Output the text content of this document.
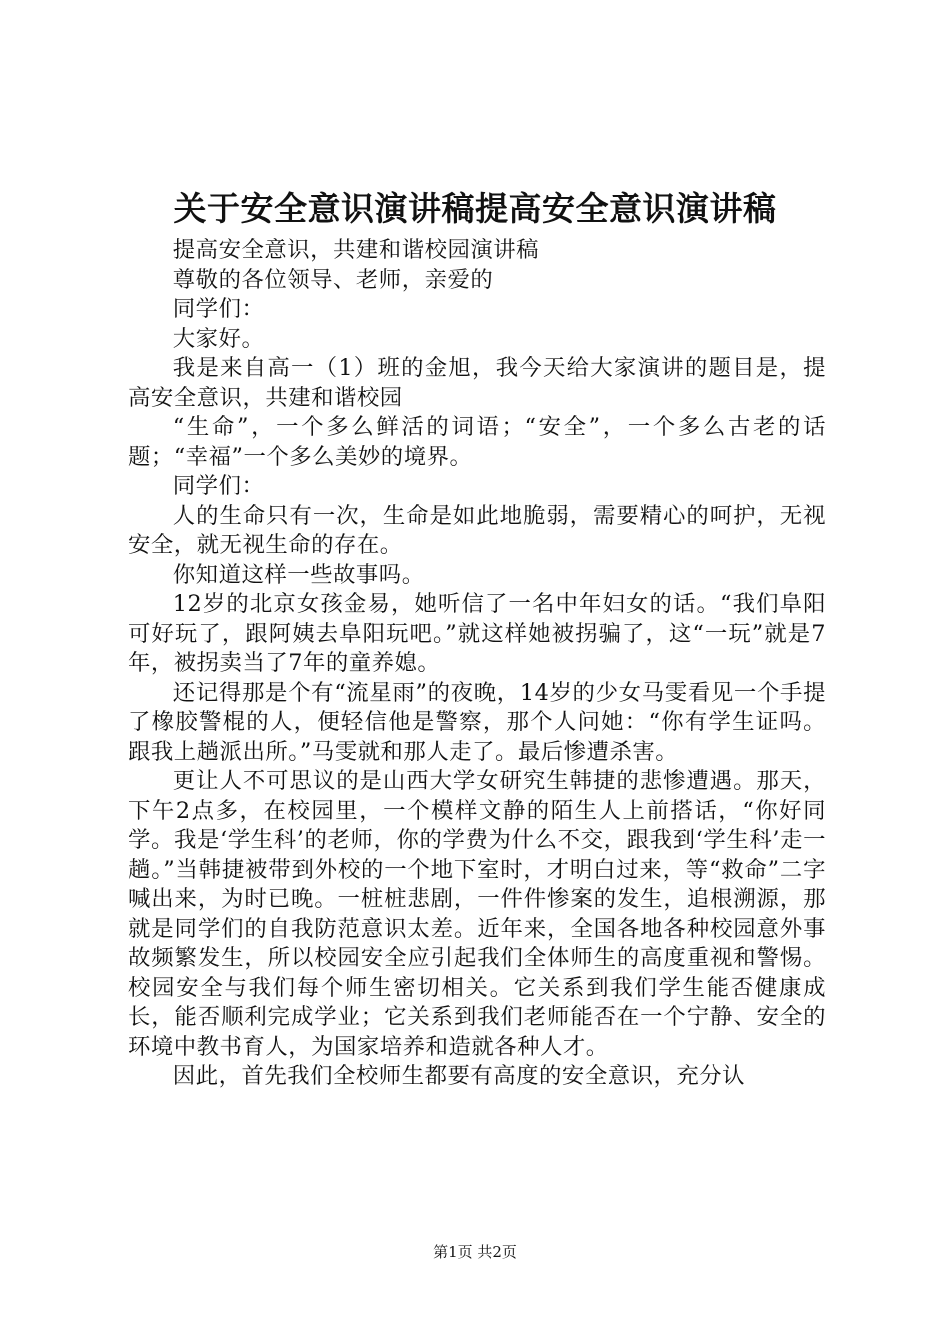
关于安全意识演讲稿提高安全意识演讲稿

提高安全意识，共建和谐校园演讲稿

尊敬的各位领导、老师，亲爱的

同学们：

大家好。

我是来自高一（1）班的金旭，我今天给大家演讲的题目是，提高安全意识，共建和谐校园

“生命”，一个多么鲜活的词语；“安全”，一个多么古老的话题；“幸福”一个多么美妙的境界。

同学们：

人的生命只有一次，生命是如此地脆弱，需要精心的呵护，无视安全，就无视生命的存在。

你知道这样一些故事吗。

12岁的北京女孩金易，她听信了一名中年妇女的话。“我们阜阳可好玩了，跟阿姨去阜阳玩吧。”就这样她被拐骗了，这“一玩”就是7年，被拐卖当了7年的童养媳。

还记得那是个有“流星雨”的夜晚，14岁的少女马雯看见一个手提了橡胶警棍的人，便轻信他是警察，那个人问她：“你有学生证吗。跟我上趟派出所。”马雯就和那人走了。最后惨遭杀害。

更让人不可思议的是山西大学女研究生韩捷的悲惨遭遇。那天，下午2点多，在校园里，一个模样文静的陌生人上前搭话，“你好同学。我是‘学生科’的老师，你的学费为什么不交，跟我到‘学生科’走一趟。”当韩捷被带到外校的一个地下室时，才明白过来，等“救命”二字喊出来，为时已晚。一桩桩悲剧，一件件惨案的发生，追根溯源，那就是同学们的自我防范意识太差。近年来，全国各地各种校园意外事故频繁发生，所以校园安全应引起我们全体师生的高度重视和警惕。校园安全与我们每个师生密切相关。它关系到我们学生能否健康成长，能否顺利完成学业；它关系到我们老师能否在一个宁静、安全的环境中教书育人，为国家培养和造就各种人才。

因此，首先我们全校师生都要有高度的安全意识，充分认

第1页 共2页
